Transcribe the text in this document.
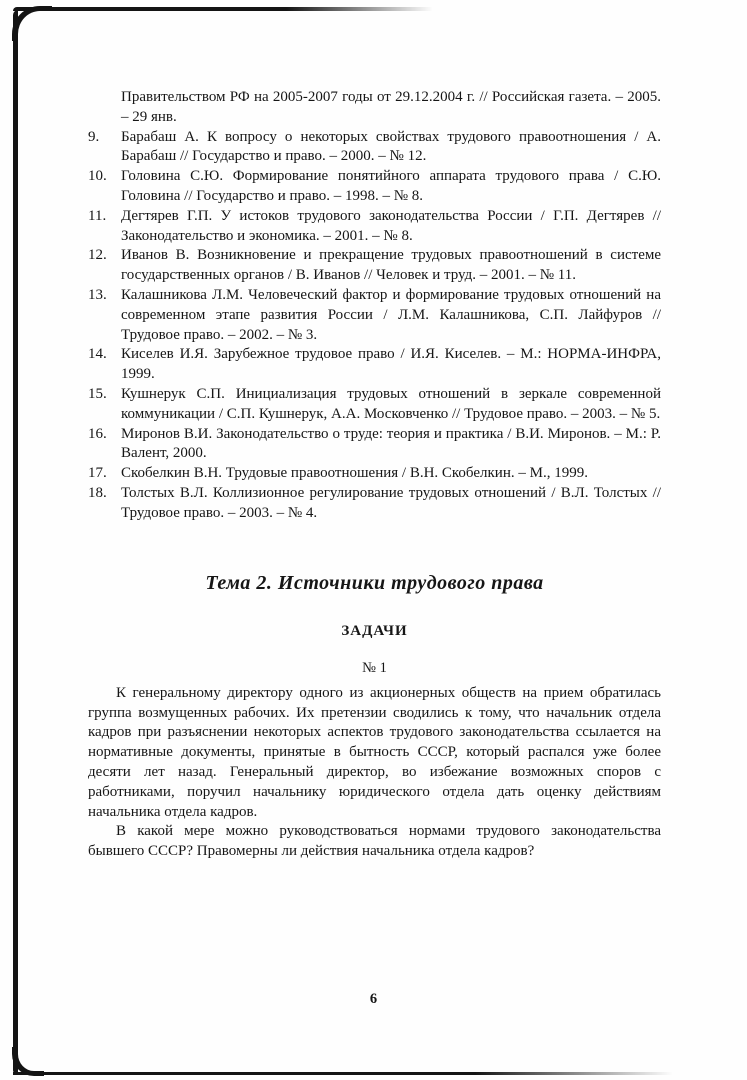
Правительством РФ на 2005-2007 годы от 29.12.2004 г. // Российская газета. – 2005. – 29 янв.
9. Барабаш А. К вопросу о некоторых свойствах трудового правоотношения / А. Барабаш // Государство и право. – 2000. – № 12.
10. Головина С.Ю. Формирование понятийного аппарата трудового права / С.Ю. Головина // Государство и право. – 1998. – № 8.
11. Дегтярев Г.П. У истоков трудового законодательства России / Г.П. Дегтярев // Законодательство и экономика. – 2001. – № 8.
12. Иванов В. Возникновение и прекращение трудовых правоотношений в системе государственных органов / В. Иванов // Человек и труд. – 2001. – № 11.
13. Калашникова Л.М. Человеческий фактор и формирование трудовых отношений на современном этапе развития России / Л.М. Калашникова, С.П. Лайфуров // Трудовое право. – 2002. – № 3.
14. Киселев И.Я. Зарубежное трудовое право / И.Я. Киселев. – М.: НОРМА-ИНФРА, 1999.
15. Кушнерук С.П. Инициализация трудовых отношений в зеркале современной коммуникации / С.П. Кушнерук, А.А. Московченко // Трудовое право. – 2003. – № 5.
16. Миронов В.И. Законодательство о труде: теория и практика / В.И. Миронов. – М.: Р. Валент, 2000.
17. Скобелкин В.Н. Трудовые правоотношения / В.Н. Скобелкин. – М., 1999.
18. Толстых В.Л. Коллизионное регулирование трудовых отношений / В.Л. Толстых // Трудовое право. – 2003. – № 4.
Тема 2. Источники трудового права
ЗАДАЧИ
№ 1
К генеральному директору одного из акционерных обществ на прием обратилась группа возмущенных рабочих. Их претензии сводились к тому, что начальник отдела кадров при разъяснении некоторых аспектов трудового законодательства ссылается на нормативные документы, принятые в бытность СССР, который распался уже более десяти лет назад. Генеральный директор, во избежание возможных споров с работниками, поручил начальнику юридического отдела дать оценку действиям начальника отдела кадров.
В какой мере можно руководствоваться нормами трудового законодательства бывшего СССР? Правомерны ли действия начальника отдела кадров?
6
